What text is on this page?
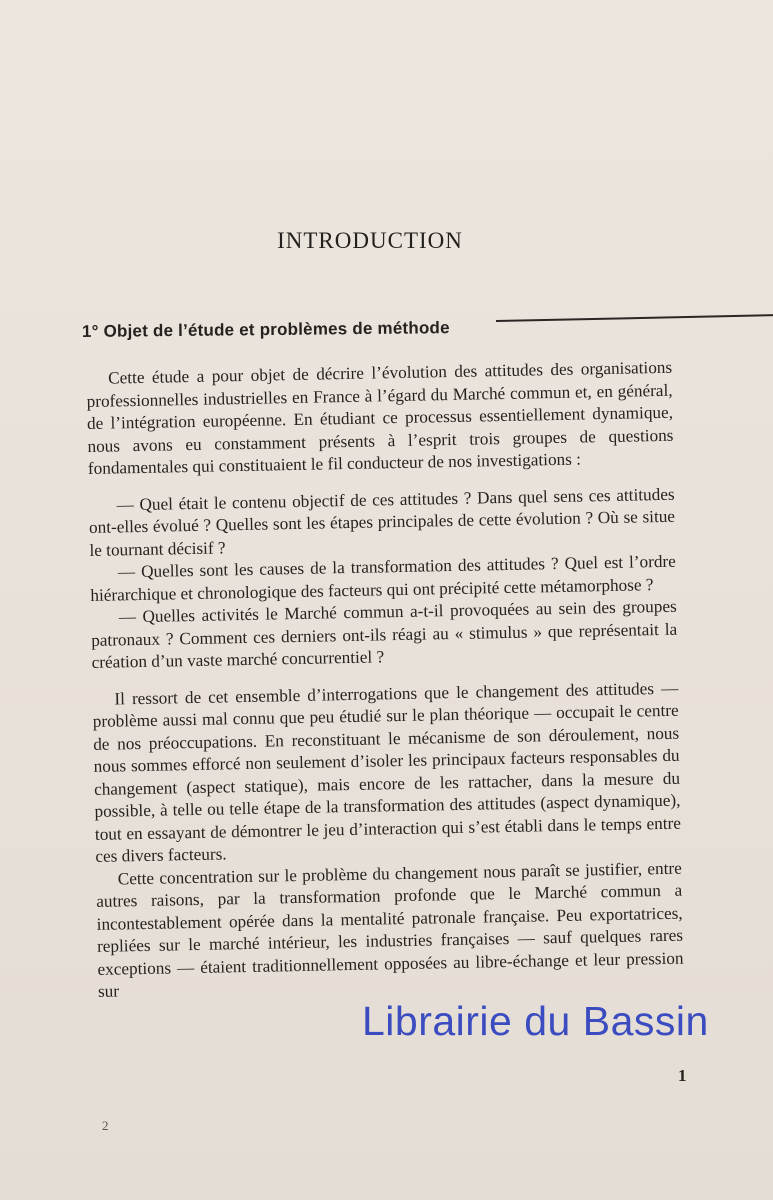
INTRODUCTION
1° Objet de l’étude et problèmes de méthode

Cette étude a pour objet de décrire l’évolution des attitudes des organisations professionnelles industrielles en France à l’égard du Marché commun et, en général, de l’intégration européenne. En étudiant ce processus essentiellement dynamique, nous avons eu constamment présents à l’esprit trois groupes de questions fondamentales qui constituaient le fil conducteur de nos investigations :

— Quel était le contenu objectif de ces attitudes ? Dans quel sens ces attitudes ont-elles évolué ? Quelles sont les étapes principales de cette évolution ? Où se situe le tournant décisif ?

— Quelles sont les causes de la transformation des attitudes ? Quel est l’ordre hiérarchique et chronologique des facteurs qui ont précipité cette métamorphose ?

— Quelles activités le Marché commun a-t-il provoquées au sein des groupes patronaux ? Comment ces derniers ont-ils réagi au « stimulus » que représentait la création d’un vaste marché concurrentiel ?

Il ressort de cet ensemble d’interrogations que le changement des attitudes — problème aussi mal connu que peu étudié sur le plan théorique — occupait le centre de nos préoccupations. En reconstituant le mécanisme de son déroulement, nous nous sommes efforcé non seulement d’isoler les principaux facteurs responsables du changement (aspect statique), mais encore de les rattacher, dans la mesure du possible, à telle ou telle étape de la transformation des attitudes (aspect dynamique), tout en essayant de démontrer le jeu d’interaction qui s’est établi dans le temps entre ces divers facteurs.

Cette concentration sur le problème du changement nous paraît se justifier, entre autres raisons, par la transformation profonde que le Marché commun a incontestablement opérée dans la mentalité patronale française. Peu exportatrices, repliées sur le marché intérieur, les industries françaises — sauf quelques rares exceptions — étaient traditionnellement opposées au libre-échange et leur pression sur

1
2
Librairie du Bassin
